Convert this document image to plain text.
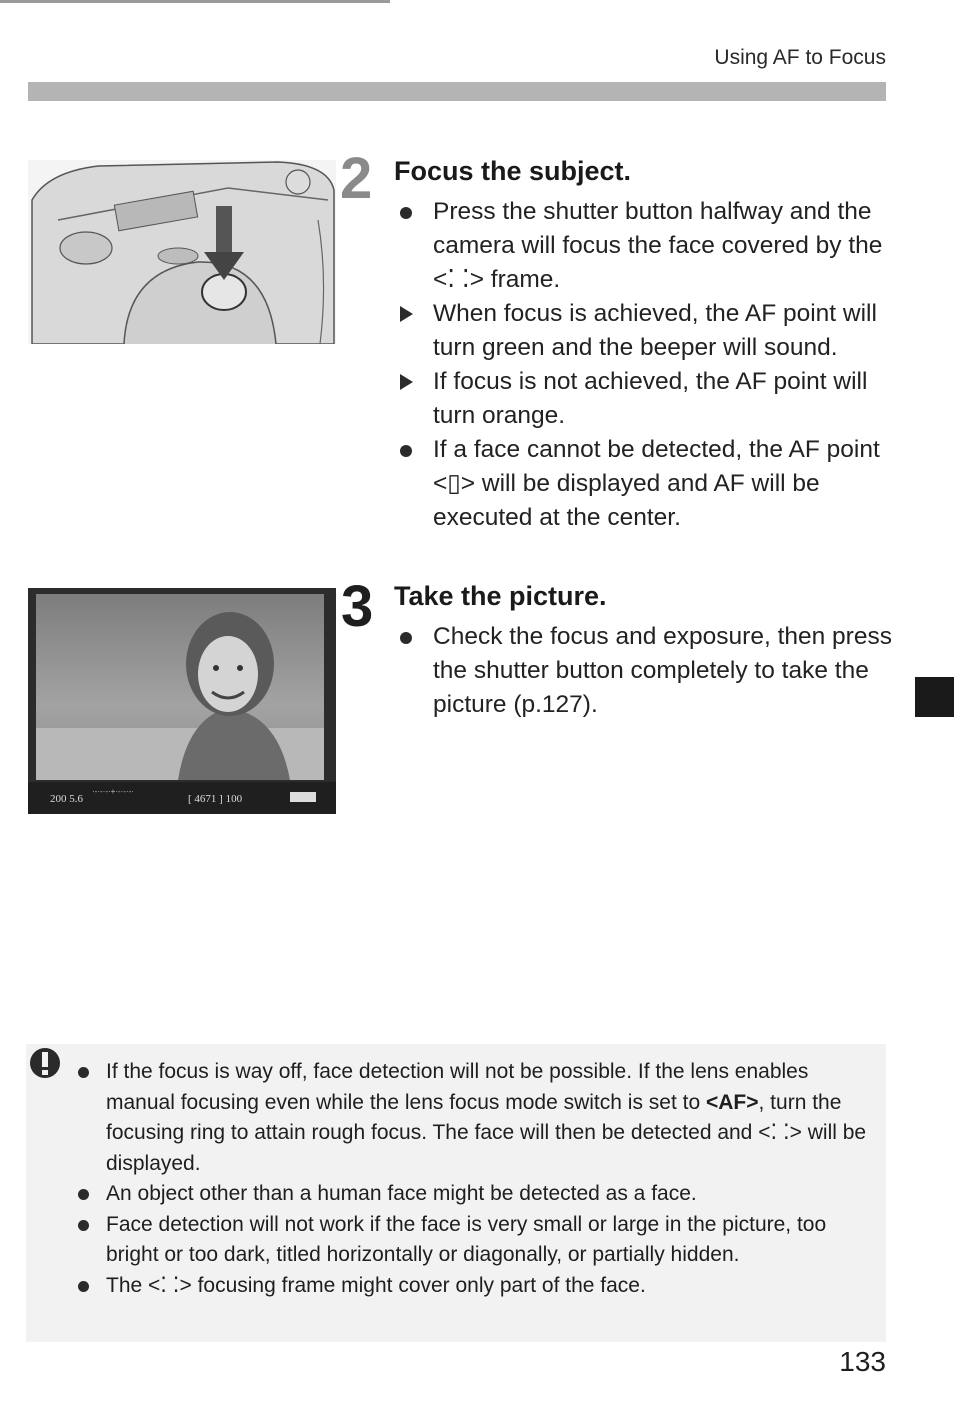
Using AF to Focus
200 5.6
·-·-·-·+·-·-·-·
[ 4671 ] 100
2 Focus the subject.
Press the shutter button halfway and the camera will focus the face covered by the <⁚ ⁚> frame.
When focus is achieved, the AF point will turn green and the beeper will sound.
If focus is not achieved, the AF point will turn orange.
If a face cannot be detected, the AF point <▯> will be displayed and AF will be executed at the center.
3 Take the picture.
Check the focus and exposure, then press the shutter button completely to take the picture (p.127).
If the focus is way off, face detection will not be possible. If the lens enables manual focusing even while the lens focus mode switch is set to <AF>, turn the focusing ring to attain rough focus. The face will then be detected and <⁚ ⁚> will be displayed.
An object other than a human face might be detected as a face.
Face detection will not work if the face is very small or large in the picture, too bright or too dark, titled horizontally or diagonally, or partially hidden.
The <⁚ ⁚> focusing frame might cover only part of the face.
133
